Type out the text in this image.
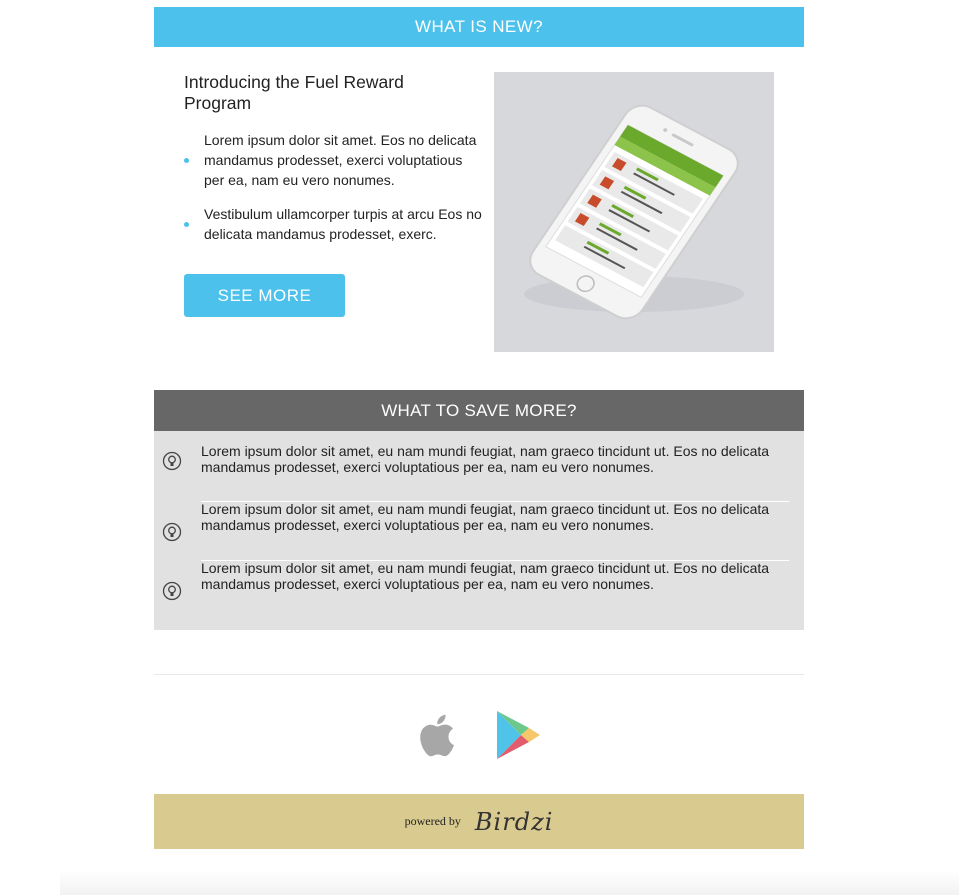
WHAT IS NEW?
Introducing the Fuel Reward Program
Lorem ipsum dolor sit amet. Eos no delicata mandamus prodesset, exerci voluptatious per ea, nam eu vero nonumes.
Vestibulum ullamcorper turpis at arcu Eos no delicata mandamus prodesset, exerc.
SEE MORE
WHAT TO SAVE MORE?
Lorem ipsum dolor sit amet, eu nam mundi feugiat, nam graeco tincidunt ut. Eos no delicata mandamus prodesset, exerci voluptatious per ea, nam eu vero nonumes.
Lorem ipsum dolor sit amet, eu nam mundi feugiat, nam graeco tincidunt ut. Eos no delicata mandamus prodesset, exerci voluptatious per ea, nam eu vero nonumes.
Lorem ipsum dolor sit amet, eu nam mundi feugiat, nam graeco tincidunt ut. Eos no delicata mandamus prodesset, exerci voluptatious per ea, nam eu vero nonumes.
powered by Birdzi
